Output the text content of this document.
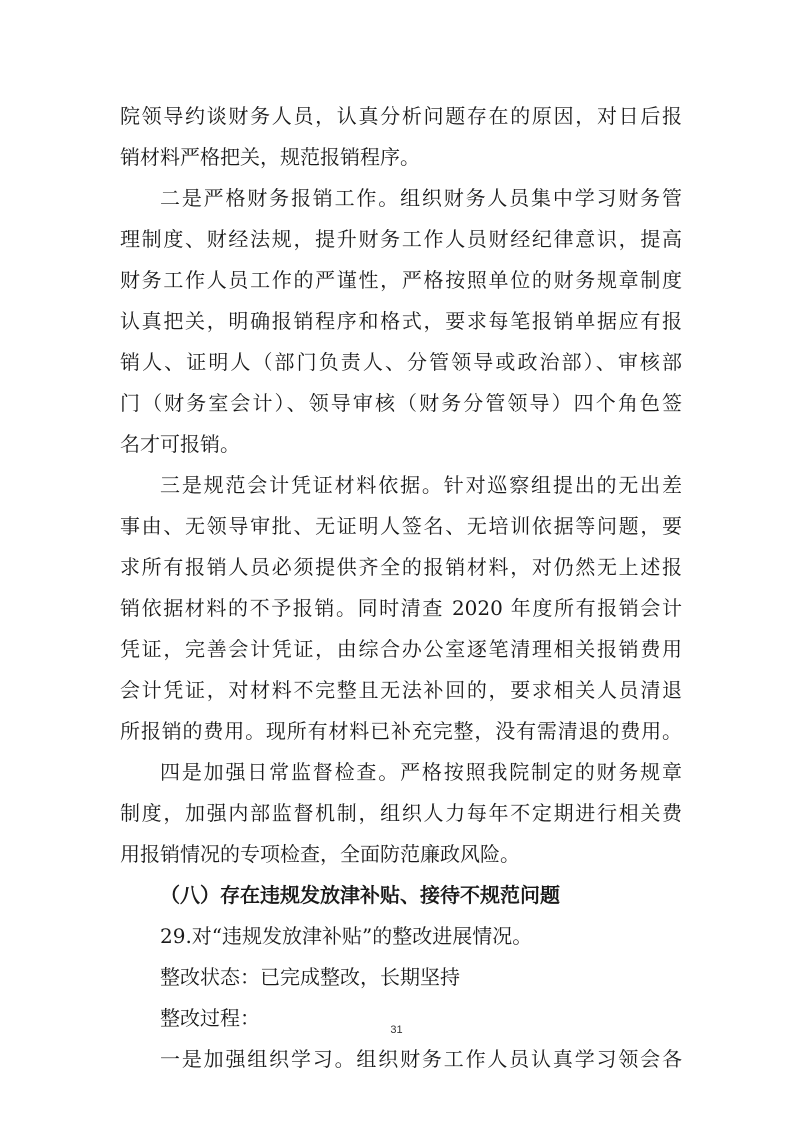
院领导约谈财务人员，认真分析问题存在的原因，对日后报
销材料严格把关，规范报销程序。
二是严格财务报销工作。组织财务人员集中学习财务管
理制度、财经法规，提升财务工作人员财经纪律意识，提高
财务工作人员工作的严谨性，严格按照单位的财务规章制度
认真把关，明确报销程序和格式，要求每笔报销单据应有报
销人、证明人（部门负责人、分管领导或政治部）、审核部
门（财务室会计）、领导审核（财务分管领导）四个角色签
名才可报销。
三是规范会计凭证材料依据。针对巡察组提出的无出差
事由、无领导审批、无证明人签名、无培训依据等问题，要
求所有报销人员必须提供齐全的报销材料，对仍然无上述报
销依据材料的不予报销。同时清查 2020 年度所有报销会计
凭证，完善会计凭证，由综合办公室逐笔清理相关报销费用
会计凭证，对材料不完整且无法补回的，要求相关人员清退
所报销的费用。现所有材料已补充完整，没有需清退的费用。
四是加强日常监督检查。严格按照我院制定的财务规章
制度，加强内部监督机制，组织人力每年不定期进行相关费
用报销情况的专项检查，全面防范廉政风险。
（八）存在违规发放津补贴、接待不规范问题
29.对“违规发放津补贴”的整改进展情况。
整改状态：已完成整改，长期坚持
整改过程：
一是加强组织学习。组织财务工作人员认真学习领会各
31
